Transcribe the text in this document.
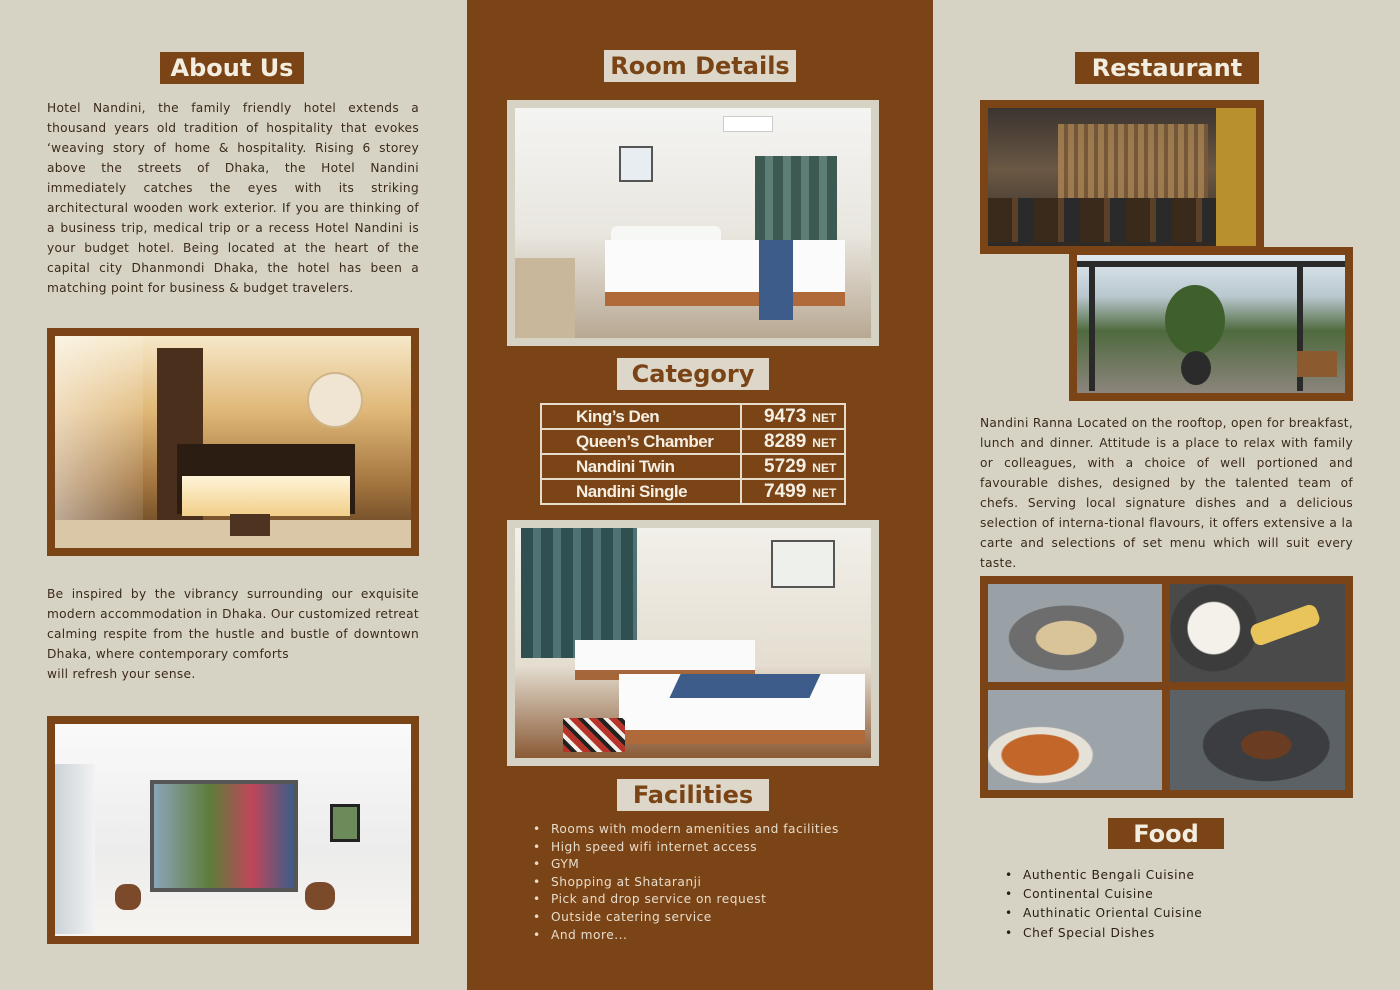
About Us

Hotel Nandini, the family friendly hotel extends a thousand years old tradition of hospitality that evokes ‘weaving story of home & hospitality. Rising 6 storey above the streets of Dhaka, the Hotel Nandini immediately catches the eyes with its striking architectural wooden work exterior. If you are thinking of a business trip, medical trip or a recess Hotel Nandini is your budget hotel. Being located at the heart of the capital city Dhanmondi Dhaka, the hotel has been a matching point for business & budget travelers.

Be inspired by the vibrancy surrounding our exquisite modern accommodation in Dhaka. Our customized retreat calming respite from the hustle and bustle of downtown Dhaka, where contemporary comforts

will refresh your sense.

Room Details
Category
King’s Den	9473 NET
Queen’s Chamber	8289 NET
Nandini Twin	5729 NET
Nandini Single	7499 NET
Facilities
• Rooms with modern amenities and facilities
• High speed wifi internet access
• GYM
• Shopping at Shataranji
• Pick and drop service on request
• Outside catering service
• And more...
Restaurant

Nandini Ranna Located on the rooftop, open for breakfast, lunch and dinner. Attitude is a place to relax with family or colleagues, with a choice of well portioned and favourable dishes, designed by the talented team of chefs. Serving local signature dishes and a delicious selection of interna-tional flavours, it offers extensive a la carte and selections of set menu which will suit every taste.

Food
• Authentic Bengali Cuisine
• Continental Cuisine
• Authinatic Oriental Cuisine
• Chef Special Dishes
